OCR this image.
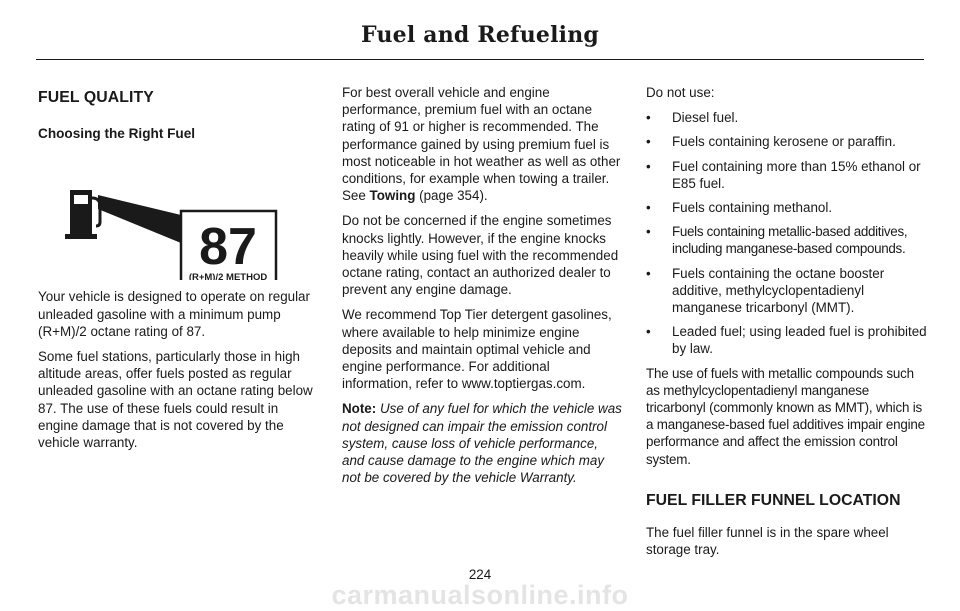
Fuel and Refueling
FUEL QUALITY
Choosing the Right Fuel
87
(R+M)/2 METHOD

Your vehicle is designed to operate on regular unleaded gasoline with a minimum pump (R+M)/2 octane rating of 87.

Some fuel stations, particularly those in high altitude areas, offer fuels posted as regular unleaded gasoline with an octane rating below 87. The use of these fuels could result in engine damage that is not covered by the vehicle warranty.

For best overall vehicle and engine performance, premium fuel with an octane rating of 91 or higher is recommended. The performance gained by using premium fuel is most noticeable in hot weather as well as other conditions, for example when towing a trailer. See Towing (page 354).

Do not be concerned if the engine sometimes knocks lightly. However, if the engine knocks heavily while using fuel with the recommended octane rating, contact an authorized dealer to prevent any engine damage.

We recommend Top Tier detergent gasolines, where available to help minimize engine deposits and maintain optimal vehicle and engine performance. For additional information, refer to www.toptiergas.com.

Note: Use of any fuel for which the vehicle was not designed can impair the emission control system, cause loss of vehicle performance, and cause damage to the engine which may not be covered by the vehicle Warranty.

Do not use:

•	Diesel fuel.
•	Fuels containing kerosene or paraffin.
•	Fuel containing more than 15% ethanol or E85 fuel.
•	Fuels containing methanol.
•	Fuels containing metallic-based additives, including manganese-based compounds.
•	Fuels containing the octane booster additive, methylcyclopentadienyl manganese tricarbonyl (MMT).
•	Leaded fuel; using leaded fuel is prohibited by law.

The use of fuels with metallic compounds such as methylcyclopentadienyl manganese tricarbonyl (commonly known as MMT), which is a manganese-based fuel additives impair engine performance and affect the emission control system.

FUEL FILLER FUNNEL LOCATION

The fuel filler funnel is in the spare wheel storage tray.

224
carmanualsonline.info
